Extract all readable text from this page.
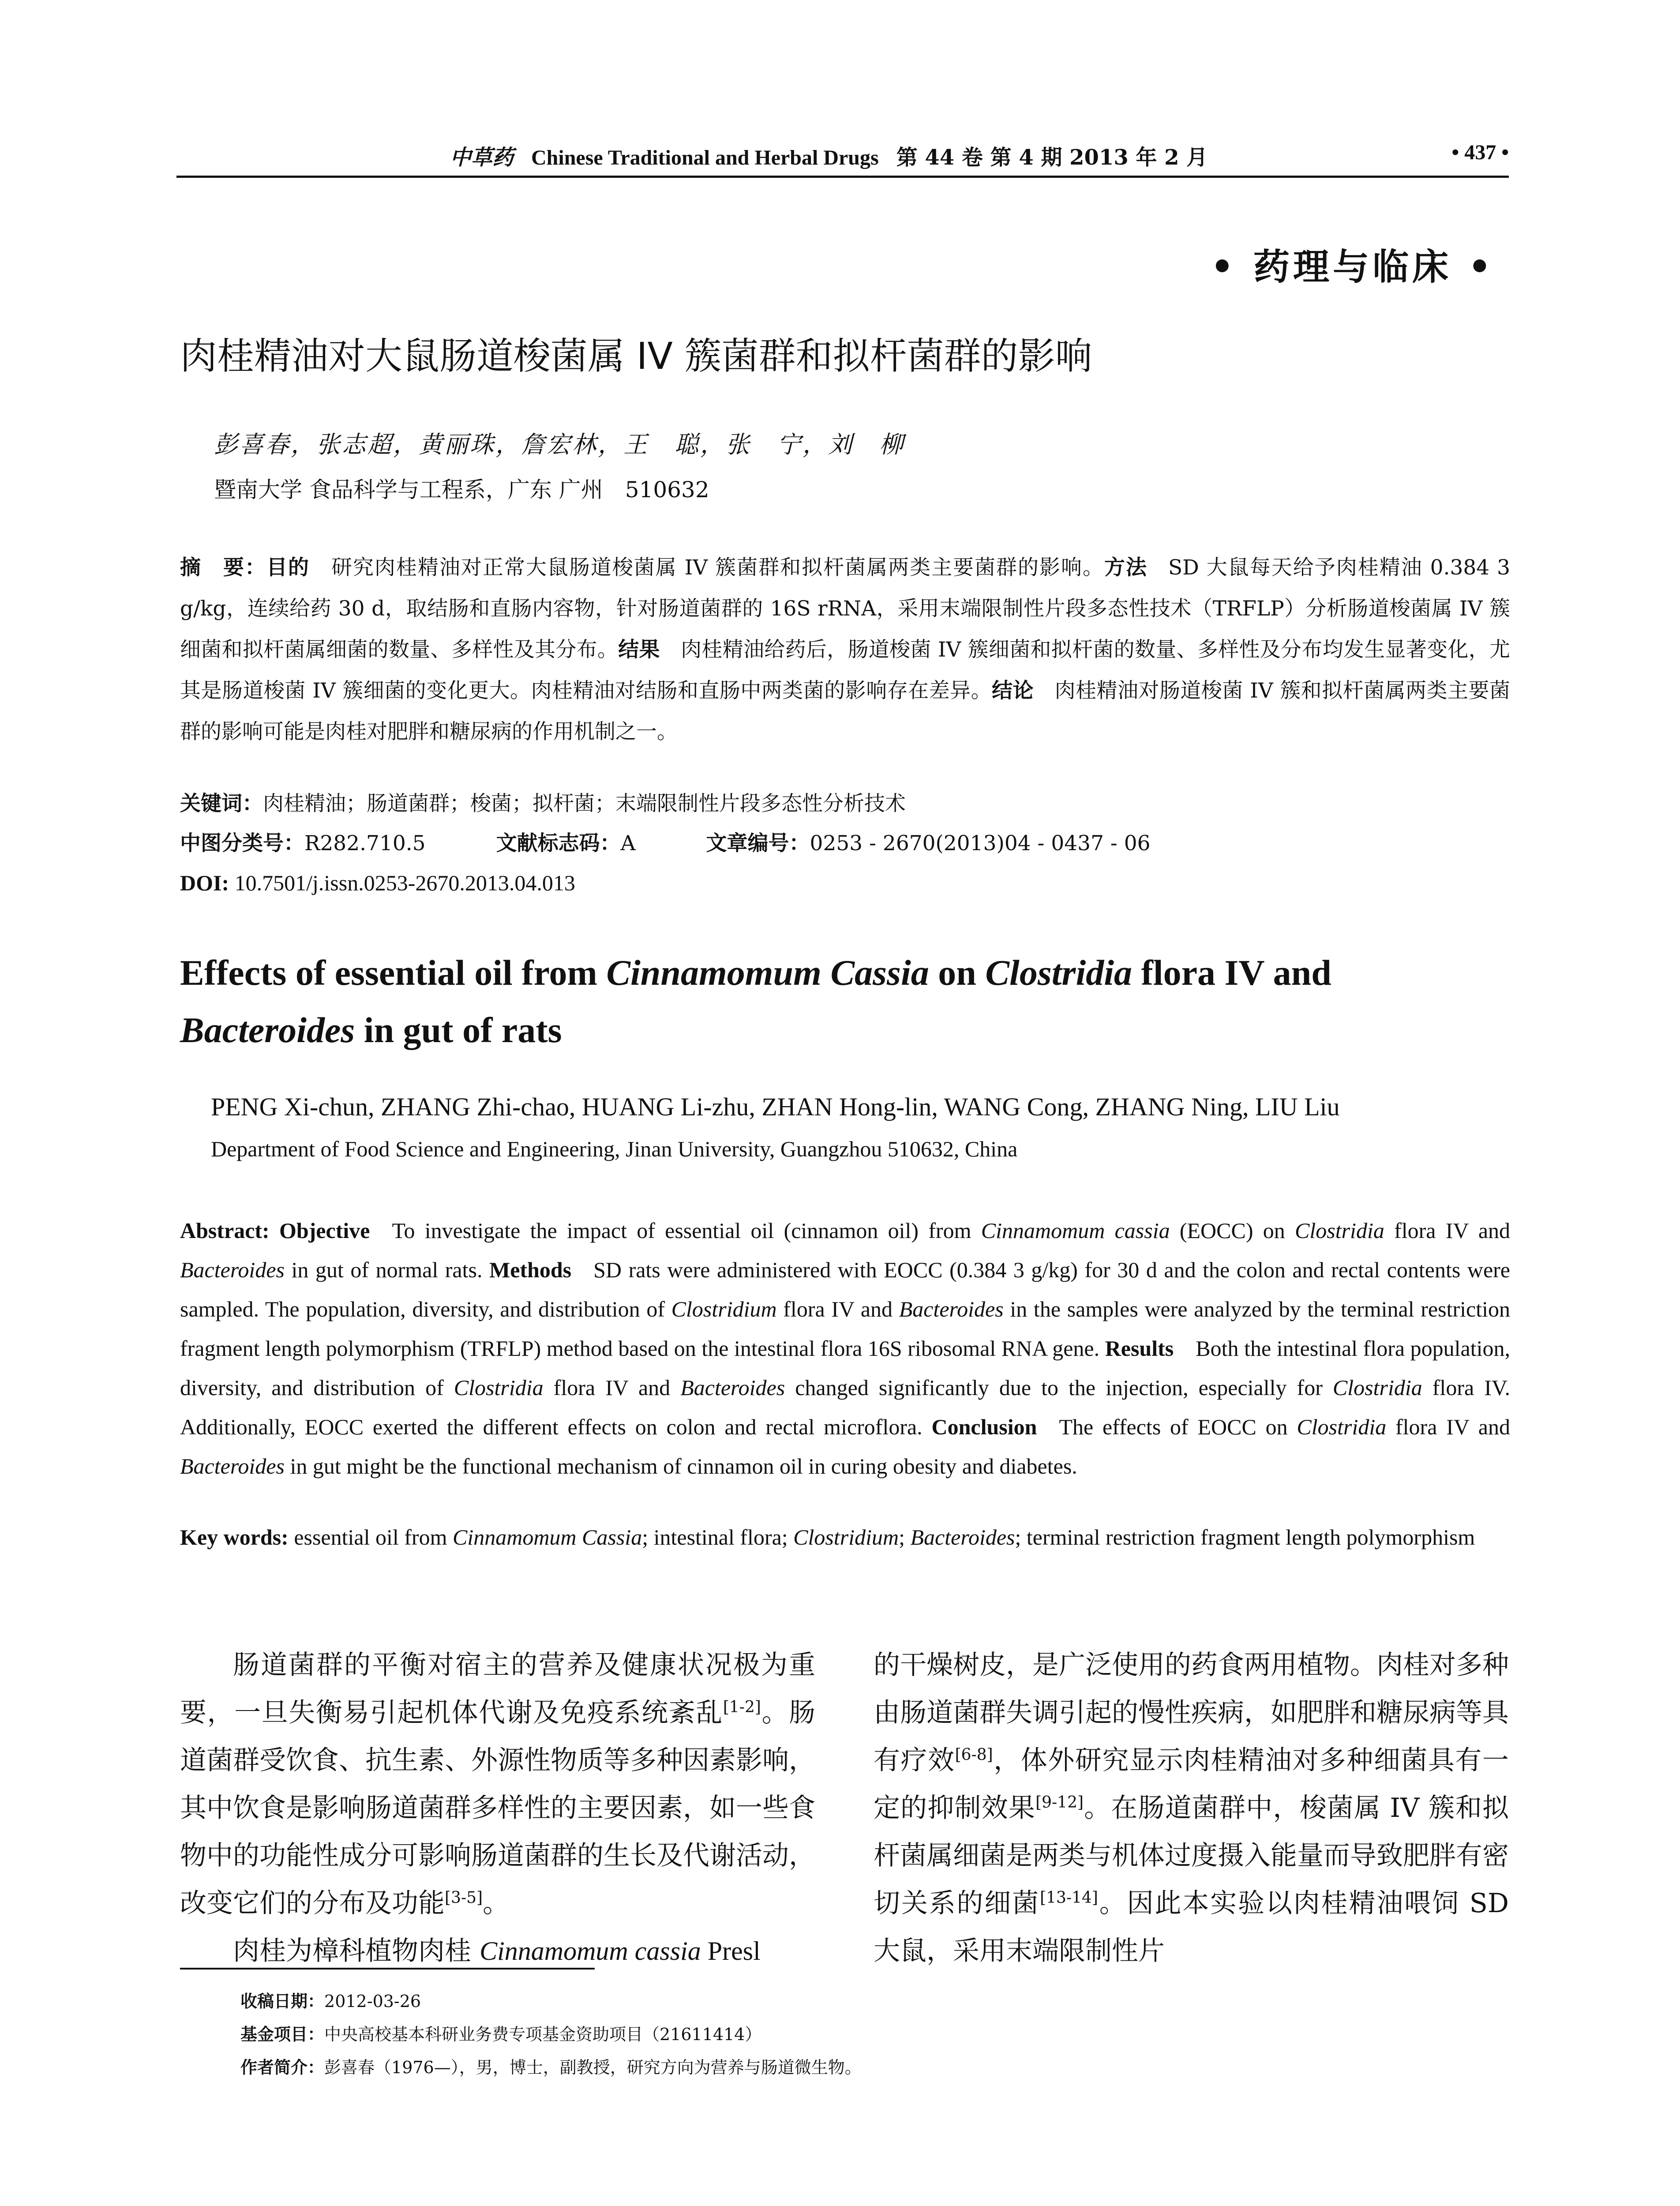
中草药 Chinese Traditional and Herbal Drugs 第 44 卷 第 4 期 2013 年 2 月	• 437 •
• 药理与临床 •
肉桂精油对大鼠肠道梭菌属 IV 簇菌群和拟杆菌群的影响
彭喜春，张志超，黄丽珠，詹宏林，王　聪，张　宁，刘　柳
暨南大学 食品科学与工程系，广东 广州　510632
摘　要：目的  研究肉桂精油对正常大鼠肠道梭菌属 IV 簇菌群和拟杆菌属两类主要菌群的影响。方法  SD 大鼠每天给予肉桂精油 0.384 3 g/kg，连续给药 30 d，取结肠和直肠内容物，针对肠道菌群的 16S rRNA，采用末端限制性片段多态性技术（TRFLP）分析肠道梭菌属 IV 簇细菌和拟杆菌属细菌的数量、多样性及其分布。结果  肉桂精油给药后，肠道梭菌 IV 簇细菌和拟杆菌的数量、多样性及分布均发生显著变化，尤其是肠道梭菌 IV 簇细菌的变化更大。肉桂精油对结肠和直肠中两类菌的影响存在差异。结论  肉桂精油对肠道梭菌 IV 簇和拟杆菌属两类主要菌群的影响可能是肉桂对肥胖和糖尿病的作用机制之一。
关键词：肉桂精油；肠道菌群；梭菌；拟杆菌；末端限制性片段多态性分析技术
中图分类号：R282.710.5	文献标志码：A	文章编号：0253 - 2670(2013)04 - 0437 - 06
DOI: 10.7501/j.issn.0253-2670.2013.04.013
Effects of essential oil from Cinnamomum Cassia on Clostridia flora IV and Bacteroides in gut of rats
PENG Xi-chun, ZHANG Zhi-chao, HUANG Li-zhu, ZHAN Hong-lin, WANG Cong, ZHANG Ning, LIU Liu
Department of Food Science and Engineering, Jinan University, Guangzhou 510632, China
Abstract: Objective  To investigate the impact of essential oil (cinnamon oil) from Cinnamomum cassia (EOCC) on Clostridia flora IV and Bacteroides in gut of normal rats. Methods  SD rats were administered with EOCC (0.384 3 g/kg) for 30 d and the colon and rectal contents were sampled. The population, diversity, and distribution of Clostridium flora IV and Bacteroides in the samples were analyzed by the terminal restriction fragment length polymorphism (TRFLP) method based on the intestinal flora 16S ribosomal RNA gene. Results  Both the intestinal flora population, diversity, and distribution of Clostridia flora IV and Bacteroides changed significantly due to the injection, especially for Clostridia flora IV. Additionally, EOCC exerted the different effects on colon and rectal microflora. Conclusion  The effects of EOCC on Clostridia flora IV and Bacteroides in gut might be the functional mechanism of cinnamon oil in curing obesity and diabetes.
Key words: essential oil from Cinnamomum Cassia; intestinal flora; Clostridium; Bacteroides; terminal restriction fragment length polymorphism

肠道菌群的平衡对宿主的营养及健康状况极为重要，一旦失衡易引起机体代谢及免疫系统紊乱[1-2]。肠道菌群受饮食、抗生素、外源性物质等多种因素影响，其中饮食是影响肠道菌群多样性的主要因素，如一些食物中的功能性成分可影响肠道菌群的生长及代谢活动，改变它们的分布及功能[3-5]。

肉桂为樟科植物肉桂 Cinnamomum cassia Presl

的干燥树皮，是广泛使用的药食两用植物。肉桂对多种由肠道菌群失调引起的慢性疾病，如肥胖和糖尿病等具有疗效[6-8]，体外研究显示肉桂精油对多种细菌具有一定的抑制效果[9-12]。在肠道菌群中，梭菌属 IV 簇和拟杆菌属细菌是两类与机体过度摄入能量而导致肥胖有密切关系的细菌[13-14]。因此本实验以肉桂精油喂饲 SD 大鼠，采用末端限制性片

收稿日期：2012-03-26
基金项目：中央高校基本科研业务费专项基金资助项目（21611414）
作者简介：彭喜春（1976—），男，博士，副教授，研究方向为营养与肠道微生物。
